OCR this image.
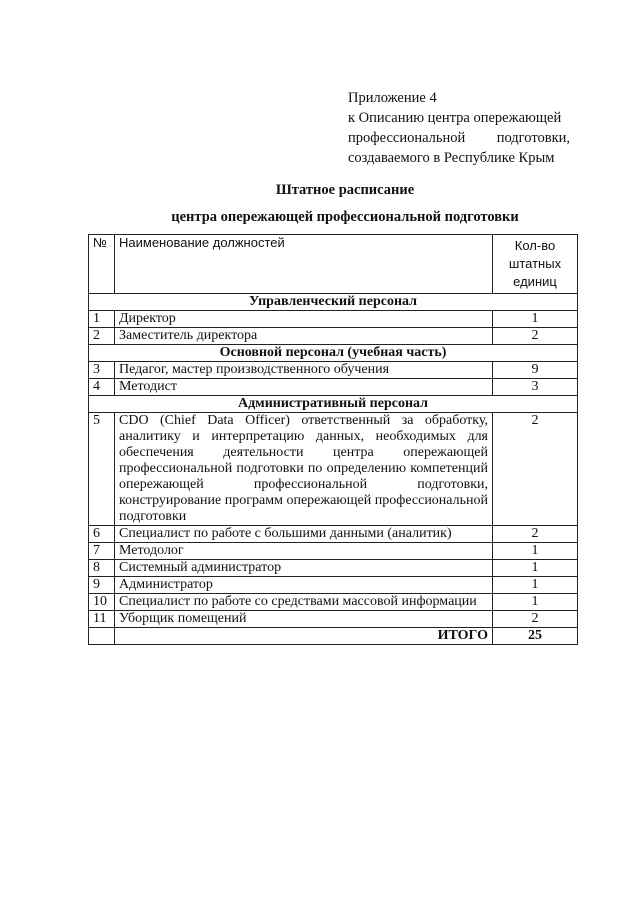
Приложение 4
к Описанию центра опережающей
профессиональной подготовки,
создаваемого в Республике Крым
Штатное расписание
центра опережающей профессиональной подготовки
№	Наименование должностей	Кол-во
штатных
единиц

Управленческий персонал		
1	Директор	1
2	Заместитель директора	2
Основной персонал (учебная часть)		
3	Педагог, мастер производственного обучения	9
4	Методист	3
Административный персонал		
5	CDO (Chief Data Officer) ответственный за обработку, аналитику и интерпретацию данных, необходимых для обеспечения деятельности центра опережающей профессиональной подготовки по определению компетенций опережающей профессиональной подготовки, конструирование программ опережающей профессиональной подготовки	2
6	Специалист по работе с большими данными (аналитик)	2
7	Методолог	1
8	Системный администратор	1
9	Администратор	1
10	Специалист по работе со средствами массовой информации	1
11	Уборщик помещений	2
	ИТОГО	25
